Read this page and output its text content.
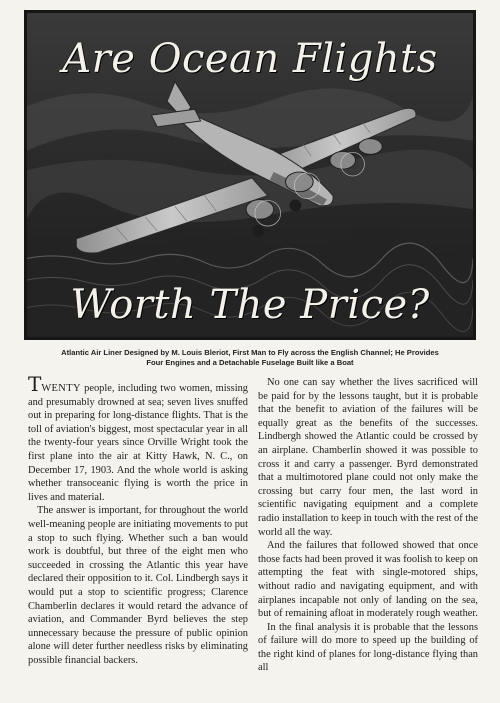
Are Ocean Flights
Worth The Price?
Atlantic Air Liner Designed by M. Louis Bleriot, First Man to Fly across the English Channel; He Provides
Four Engines and a Detachable Fuselage Built like a Boat

TWENTY people, including two women, missing and presumably drowned at sea; seven lives snuffed out in preparing for long-distance flights. That is the toll of aviation's biggest, most spectacular year in all the twenty-four years since Orville Wright took the first plane into the air at Kitty Hawk, N. C., on December 17, 1903. And the whole world is asking whether transoceanic flying is worth the price in lives and material.

The answer is important, for throughout the world well-meaning people are initiating movements to put a stop to such flying. Whether such a ban would work is doubtful, but three of the eight men who succeeded in crossing the Atlantic this year have declared their opposition to it. Col. Lindbergh says it would put a stop to scientific progress; Clarence Chamberlin declares it would retard the advance of aviation, and Commander Byrd believes the step unnecessary because the pressure of public opinion alone will deter further needless risks by eliminating possible financial backers.

No one can say whether the lives sacrificed will be paid for by the lessons taught, but it is probable that the benefit to aviation of the failures will be equally great as the benefits of the successes. Lindbergh showed the Atlantic could be crossed by an airplane. Chamberlin showed it was possible to cross it and carry a passenger. Byrd demonstrated that a multimotored plane could not only make the crossing but carry four men, the last word in scientific navigating equipment and a complete radio installation to keep in touch with the rest of the world all the way.

And the failures that followed showed that once those facts had been proved it was foolish to keep on attempting the feat with single-motored ships, without radio and navigating equipment, and with airplanes incapable not only of landing on the sea, but of remaining afloat in moderately rough weather.

In the final analysis it is probable that the lessons of failure will do more to speed up the building of the right kind of planes for long-distance flying than all
